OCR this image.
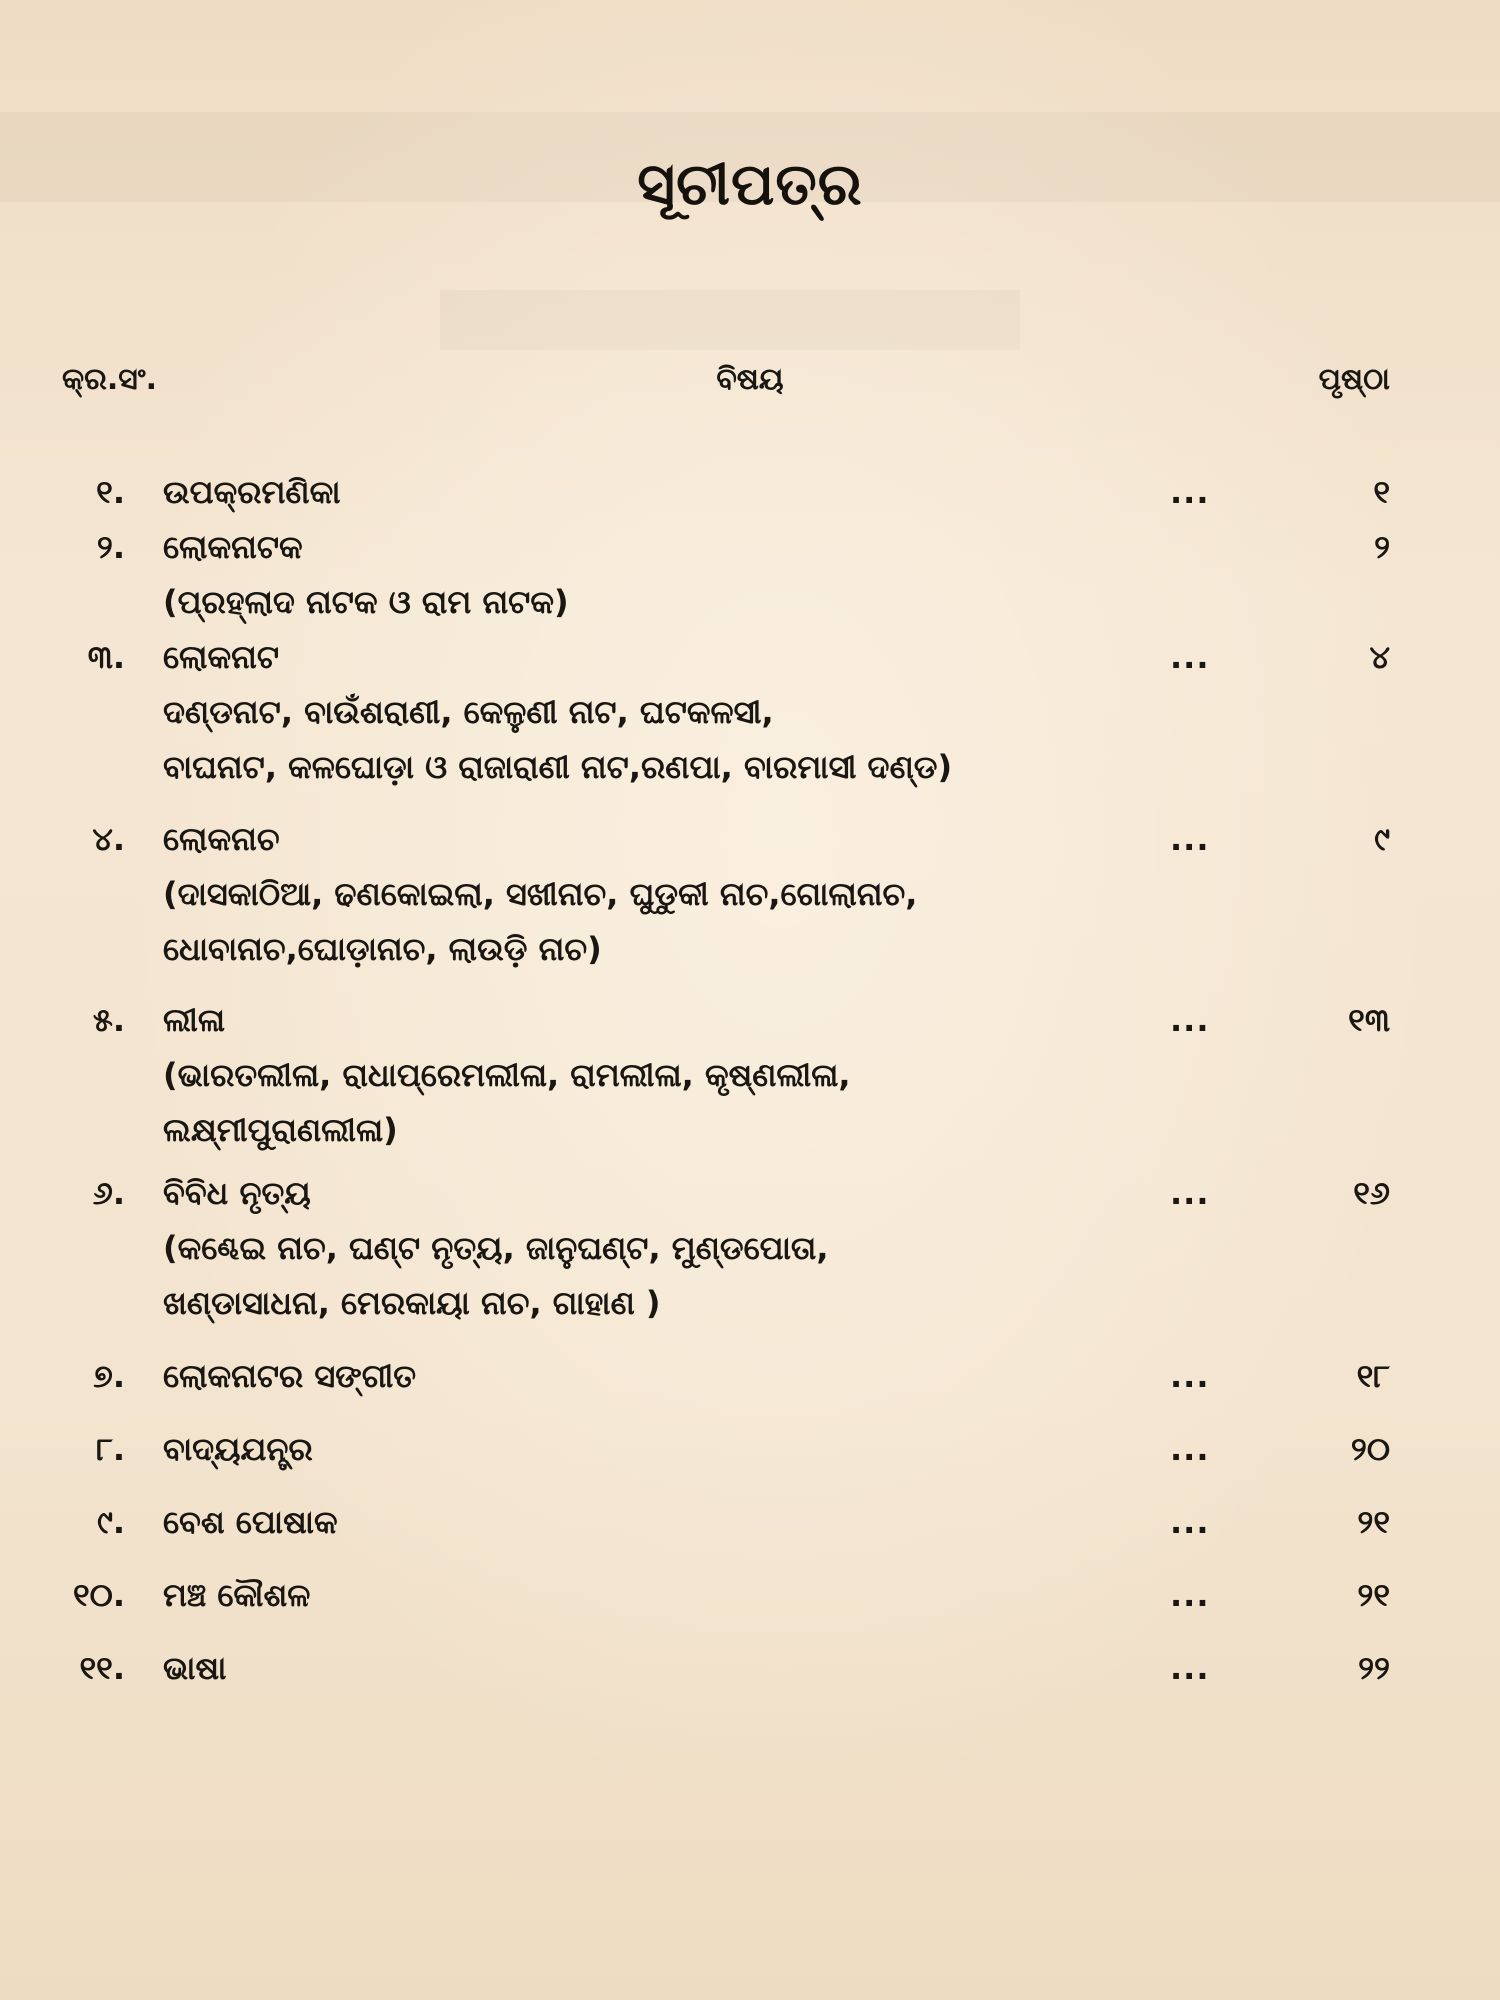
ସୂଚୀପତ୍ର
କ୍ର.ସଂ.	ବିଷୟ	ପୃଷ୍ଠା
୧. ଉପକ୍ରମଣିକା	...	୧
୨. ଲୋକନାଟକ	୨
(ପ୍ରହ୍ଲାଦ ନାଟକ ଓ ରାମ ନାଟକ)
୩. ଲୋକନାଟ	...	୪
ଦଣ୍ଡନାଟ, ବାଉଁଶରାଣୀ, କେଳୁଣୀ ନାଟ, ଘଟକଳସୀ,
ବାଘନାଟ, କଳଘୋଡ଼ା ଓ ରାଜାରାଣୀ ନାଟ,ରଣପା, ବାରମାସୀ ଦଣ୍ଡ)
୪. ଲୋକନାଚ	...	୯
(ଦାସକାଠିଆ, ଢଣକୋଇଲା, ସଖୀନାଚ, ଘୁଡୁକୀ ନାଚ,ଗୋଲାନାଚ,
ଧୋବାନାଚ,ଘୋଡ଼ାନାଚ, ଲାଉଡ଼ି ନାଚ)
୫. ଲୀଳା	...	୧୩
(ଭାରତଲୀଳା, ରାଧାପ୍ରେମଲୀଳା, ରାମଲୀଳା, କୃଷ୍ଣଲୀଳା,
ଲକ୍ଷ୍ମୀପୁରାଣଲୀଳା)
୬. ବିବିଧ ନୃତ୍ୟ	...	୧୬
(କଣ୍ଢେଇ ନାଚ, ଘଣ୍ଟ ନୃତ୍ୟ, ଜାନୁଘଣ୍ଟ, ମୁଣ୍ଡପୋତା,
ଖଣ୍ଡାସାଧନା, ମେରକାୟା ନାଚ, ଗାହାଣ )
୭. ଲୋକନାଟର ସଙ୍ଗୀତ	...	୧୮
୮. ବାଦ୍ୟଯନ୍ତ୍ର	...	୨୦
୯. ବେଶ ପୋଷାକ	...	୨୧
୧୦. ମଞ୍ଚ କୌଶଳ	...	୨୧
୧୧. ଭାଷା	...	୨୨
